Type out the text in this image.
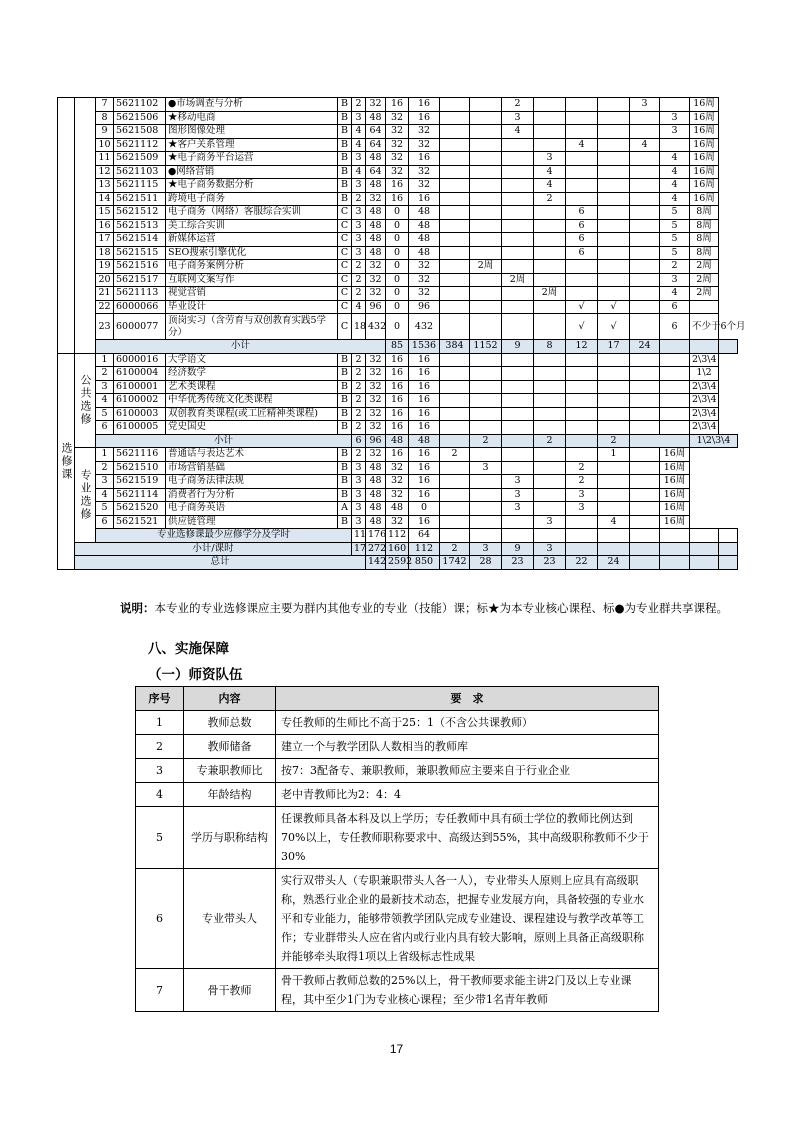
		7	5621102	●市场调查与分析	B	2	32	16	16			2				3		16周		
		8	5621506	★移动电商	B	3	48	32	16			3					3	16周		
		9	5621508	图形图像处理	B	4	64	32	32			4					3	16周		
		10	5621112	★客户关系管理	B	4	64	32	32					4		4		16周		
		11	5621509	★电子商务平台运营	B	3	48	32	16				3				4	16周		
		12	5621103	●网络营销	B	4	64	32	32				4				4	16周		
		13	5621115	★电子商务数据分析	B	3	48	16	32				4				4	16周		
		14	5621511	跨境电子商务	B	2	32	16	16				2				4	16周		
		15	5621512	电子商务（网络）客服综合实训	C	3	48	0	48					6			5	8周		
		16	5621513	美工综合实训	C	3	48	0	48					6			5	8周		
		17	5621514	新媒体运营	C	3	48	0	48					6			5	8周		
		18	5621515	SEO搜索引擎优化	C	3	48	0	48					6			5	8周		
		19	5621516	电子商务案例分析	C	2	32	0	32		2周						2	2周		
		20	5621517	互联网文案写作	C	2	32	0	32			2周					3	2周		
		21	5621113	视觉营销	C	2	32	0	32				2周				4	2周		
		22	6000066	毕业设计	C	4	96	0	96					√	√		6			
		23	6000077	顶岗实习（含劳育与双创教育实践5学分）	C	18	432	0	432					√	√		6	不少于6个月		
		小计						85	1536	384	1152	9	8	12	17	24				
选修课	公共选修	1	6000016	大学语文	B	2	32	16	16									2\3\4		
		2	6100004	经济数学	B	2	32	16	16									1\2		
		3	6100001	艺术类课程	B	2	32	16	16									2\3\4		
		4	6100002	中华优秀传统文化类课程	B	2	32	16	16									2\3\4		
		5	6100003	双创教育类课程(或工匠精神类课程)	B	2	32	16	16									2\3\4		
		6	6100005	党史国史	B	2	32	16	16									2\3\4		
		小计				6	96	48	48		2		2		2			1\2\3\4		
	专业选修	1	5621116	普通话与表达艺术	B	2	32	16	16	2					1		16周			
		2	5621510	市场营销基础	B	3	48	32	16		3			2			16周			
		3	5621519	电子商务法律法规	B	3	48	32	16			3		2			16周			
		4	5621114	消费者行为分析	B	3	48	32	16			3		3			16周			
		5	5621520	电子商务英语	A	3	48	48	0			3		3			16周			
		6	5621521	供应链管理	B	3	48	32	16				3		4		16周			
		专业选修课最少应修学分及学时				11	176	112	64											
	小计/课时					17	272	160	112	2	3	9	3							
	总计						142	2592	850	1742	28	23	23	22	24					
说明：本专业的专业选修课应主要为群内其他专业的专业（技能）课；标★为本专业核心课程、标●为专业群共享课程。
八、实施保障
（一）师资队伍
序号	内容	要　求
1	教师总数	专任教师的生师比不高于25：1（不含公共课教师）
2	教师储备	建立一个与教学团队人数相当的教师库
3	专兼职教师比	按7：3配备专、兼职教师，兼职教师应主要来自于行业企业
4	年龄结构	老中青教师比为2：4：4
5	学历与职称结构	任课教师具备本科及以上学历；专任教师中具有硕士学位的教师比例达到70%以上，专任教师职称要求中、高级达到55%，其中高级职称教师不少于30%
6	专业带头人	实行双带头人（专职兼职带头人各一人），专业带头人原则上应具有高级职称，熟悉行业企业的最新技术动态，把握专业发展方向，具备较强的专业水平和专业能力，能够带领教学团队完成专业建设、课程建设与教学改革等工作；专业群带头人应在省内或行业内具有较大影响，原则上具备正高级职称并能够牵头取得1项以上省级标志性成果
7	骨干教师	骨干教师占教师总数的25%以上，骨干教师要求能主讲2门及以上专业课程，其中至少1门为专业核心课程；至少带1名青年教师
17
